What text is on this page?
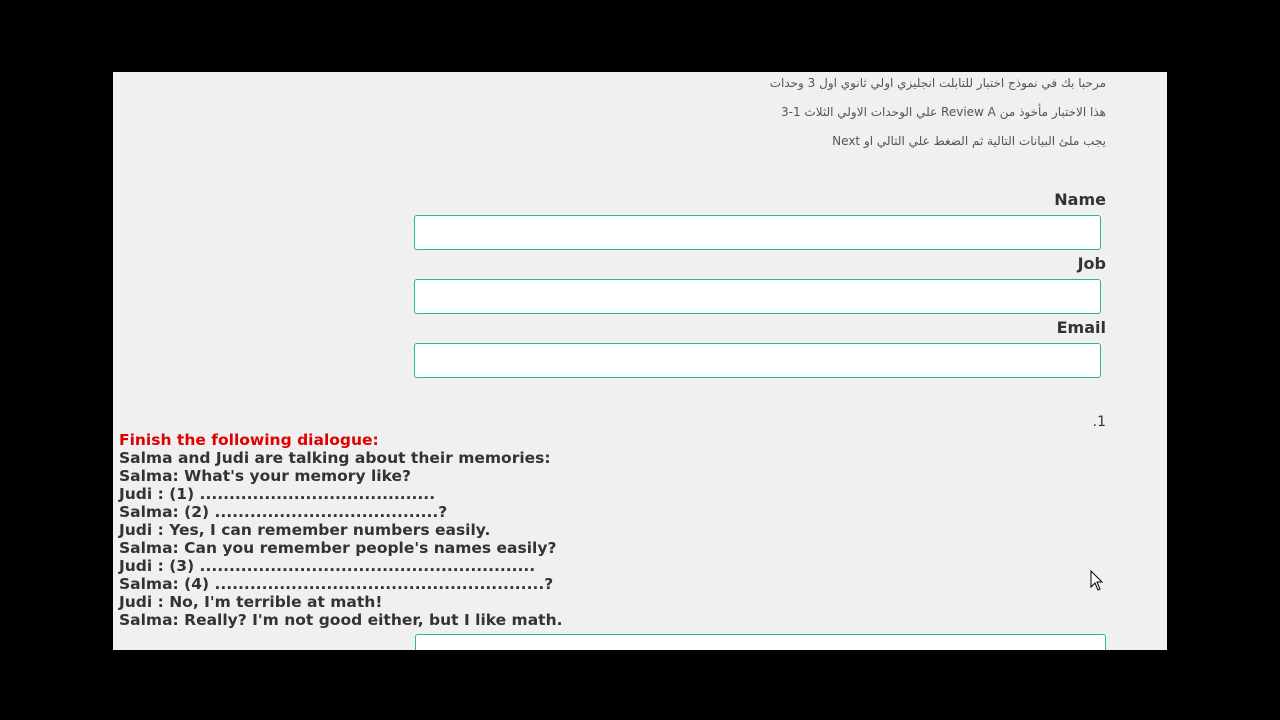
مرحبا بك في نموذج اختبار للتابلت انجليزي اولي ثانوي اول 3 وحدات
هذا الاختبار مأخوذ من Review A علي الوحدات الاولي الثلاث 1-3
يجب ملئ البيانات التالية ثم الضغط علي التالي او Next
Name
Job
Email
1.
Finish the following dialogue:
Salma and Judi are talking about their memories:
Salma: What's your memory like?
Judi : (1) ........................................
Salma: (2) ......................................?
Judi : Yes, I can remember numbers easily.
Salma: Can you remember people's names easily?
Judi : (3) .........................................................
Salma: (4) ........................................................?
Judi : No, I'm terrible at math!
Salma: Really? I'm not good either, but I like math.
